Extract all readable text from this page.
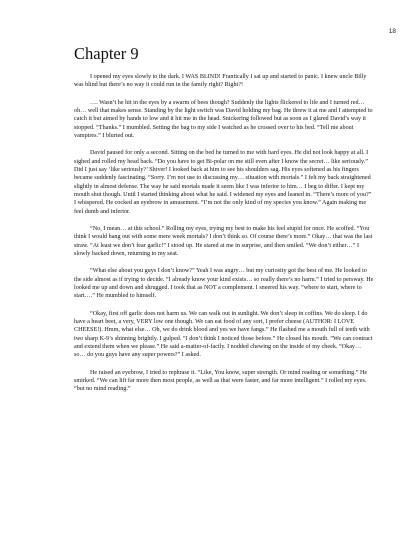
18
Chapter 9

I opened my eyes slowly to the dark. I WAS BLIND! Frantically I sat up and started to panic. I knew uncle Billy was blind but there’s no way it could run in the family right? Right?!

…. Wasn’t he hit in the eyes by a swarm of bees though? Suddenly the lights flickered to life and I turned red… oh… well that makes sense. Standing by the light switch was David holding my bag. He threw it at me and I attempted to catch it but aimed by hands to low and it hit me in the head. Snickering followed but as soon as I glared David’s way it stopped. “Thanks.” I mumbled. Setting the bag to my side I watched as he crossed over to his bed. “Tell me about vampires.” I blurted out.

David paused for only a second. Sitting on the bed he turned to me with hard eyes. He did not look happy at all. I sighed and rolled my head back. “Do you have to get Bi-polar on me still even after I know the secret… like seriously.” Did I just say ‘like seriously?’ Shiver! I looked back at him to see his shoulders sag. His eyes softened as his fingers became suddenly fascinating. “Sorry. I’m not use to discussing my… situation with mortals.” I felt my back straightened slightly in almost defense. The way he said mortals made it seem like I was inferior to him… I beg to differ. I kept my mouth shut though. Until I started thinking about what he said. I widened my eyes and leaned in. “There’s more of you?” I whispered. He cocked an eyebrow in amusement. “I’m not the only kind of my species you know.” Again making me feel dumb and inferior.

“No, I mean… at this school.” Rolling my eyes, trying my best to make his feel stupid for once. He scoffed. “You think I would hang out with some mere week mortals? I don’t think so. Of course there’s more.” Okay… that was the last straw. “At least we don’t fear garlic!” I stood up. He stared at me in surprise, and then smiled. “We don’t either…” I slowly backed down, returning to my seat.

“What else about you guys I don’t know?” Yeah I was angry… but my curiosity got the best of me. He looked to the side almost as if trying to decide. “I already know your kind exists… so really there’s no harm.” I tried to persway. He looked me up and down and shrugged. I took that as NOT a complement. I sneered his way. “where to start, where to start….” He mumbled to himself.

“Okay, first off garlic does not harm us. We can walk out in sunlight. We don’t sleep in coffins. We do sleep. I do have a heart beet, a very, VERY low one though. We can eat food of any sort, I prefer cheese (AUTHOR: I LOVE CHEESE!). Hmm, what else… Oh, we do drink blood and yes we have fangs.” He flashed me a mouth full of teeth with two sharp K-9’s shinning brightly. I gulped. “I don’t think I noticed those before.” He closed his mouth. “We can contract and extend them when we please.” He said a-matter-of-factly. I nodded chewing on the inside of my cheek. “Okay… so… do you guys have any super powers?” I asked.

He raised an eyebrow, I tried to rephrase it. “Like, You know, super strength. Or mind reading or something.” He smirked. “We can lift far more then most people, as well as that were faster, and far more intelligent.” I rolled my eyes. “but no mind reading.”
